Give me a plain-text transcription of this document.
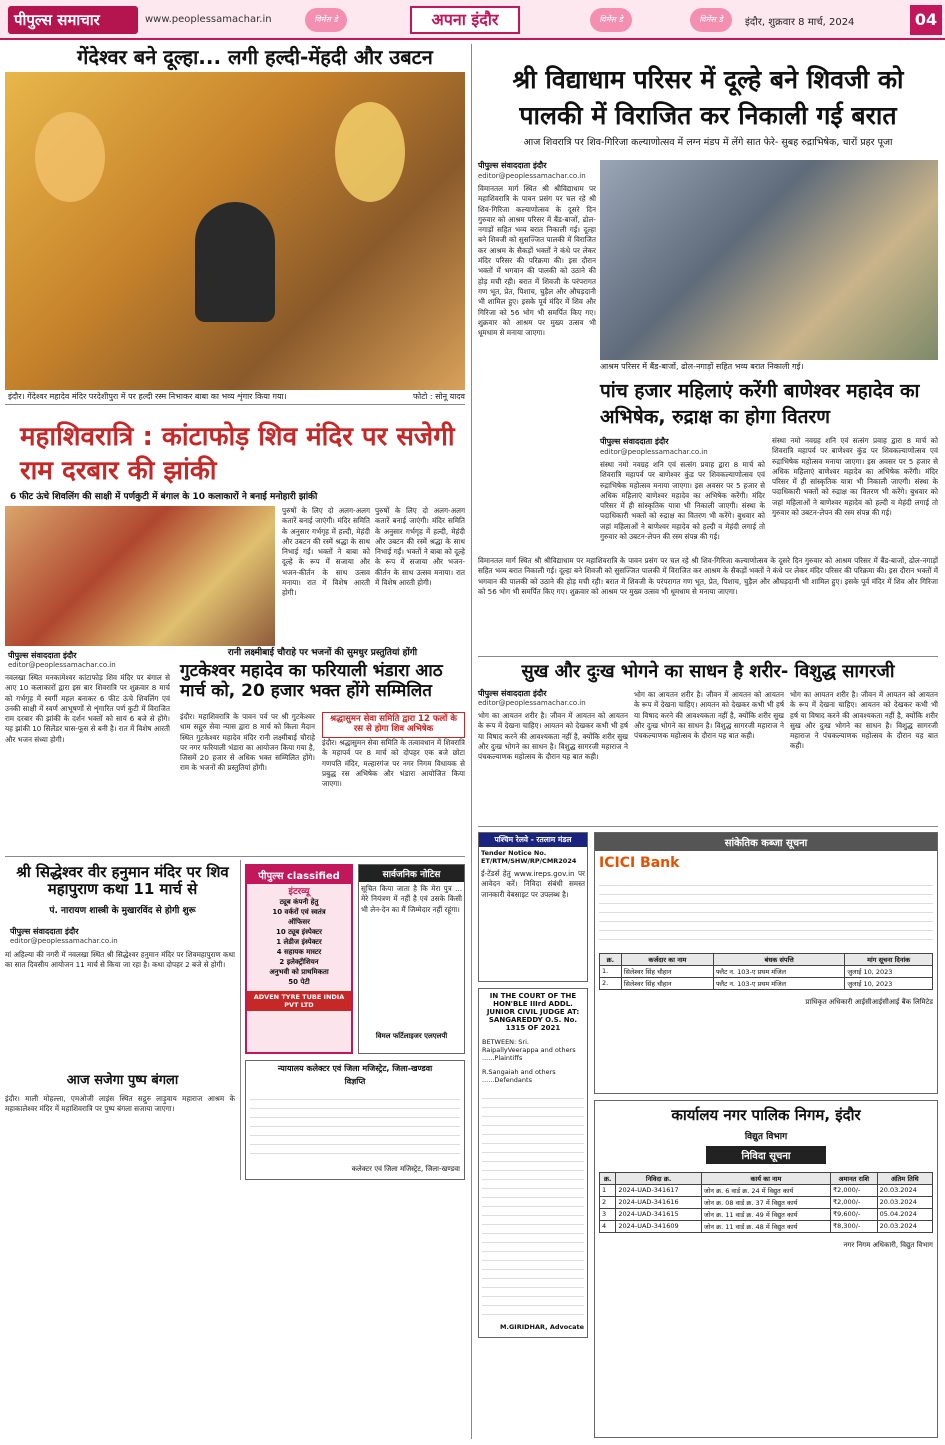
पीपुल्स समाचार	www.peoplessamachar.in	विमेंस डे	अपना इंदौर	विमेंस डे	विमेंस डे	इंदौर, शुक्रवार 8 मार्च, 2024	04
गेंदेश्वर बने दूल्हा... लगी हल्दी-मेंहदी और उबटन
इंदौर। गेंदेश्वर महादेव मंदिर परदेशीपुरा में पर हल्दी रस्म निभाकर बाबा का भव्य शृंगार किया गया।	फोटो : सोनू यादव
महाशिवरात्रि : कांटाफोड़ शिव मंदिर पर सजेगी राम दरबार की झांकी
6 फीट ऊंचे शिवलिंग की साक्षी में पर्णकुटी में बंगाल के 10 कलाकारों ने बनाई मनोहारी झांकी
पुरुषों के लिए दो अलग-अलग कतारें बनाई जाएंगी। मंदिर समिति के अनुसार गर्भगृह में हल्दी, मेहंदी और उबटन की रस्में श्रद्धा के साथ निभाई गईं। भक्तों ने बाबा को दूल्हे के रूप में सजाया और भजन-कीर्तन के साथ उत्सव मनाया। रात में विशेष आरती होगी।
पुरुषों के लिए दो अलग-अलग कतारें बनाई जाएंगी। मंदिर समिति के अनुसार गर्भगृह में हल्दी, मेहंदी और उबटन की रस्में श्रद्धा के साथ निभाई गईं। भक्तों ने बाबा को दूल्हे के रूप में सजाया और भजन-कीर्तन के साथ उत्सव मनाया। रात में विशेष आरती होगी।
पीपुल्स संवाददाता इंदौर
editor@peoplessamachar.co.in
नवलखा स्थित मनकामेश्वर कांटाफोड़ शिव मंदिर पर बंगाल से आए 10 कलाकारों द्वारा इस बार शिवरात्रि पर शुक्रवार 8 मार्च को गर्भगृह में स्वर्गी महल बनाकर 6 फीट ऊंचे शिवलिंग एवं उनकी साक्षी में स्वर्ण आभूषणों से शृंगारित पर्ण कुटी में विराजित राम दरबार की झांकी के दर्शन भक्तों को सायं 6 बजे से होंगे। यह झांकी 10 सिलेंडर घास-फूस से बनी है। रात में विशेष आरती और भजन संध्या होगी।
रानी लक्ष्मीबाई चौराहे पर भजनों की सुमधुर प्रस्तुतियां होंगी
गुटकेश्वर महादेव का फरियाली भंडारा आठ मार्च को, 20 हजार भक्त होंगे सम्मिलित
इंदौर। महाशिवरात्रि के पावन पर्व पर श्री गुटकेश्वर धाम सद्गुरु सेवा न्यास द्वारा 8 मार्च को किला मैदान स्थित गुटकेश्वर महादेव मंदिर रानी लक्ष्मीबाई चौराहे पर नगर फरियाली भंडारा का आयोजन किया गया है, जिसमें 20 हजार से अधिक भक्त सम्मिलित होंगे। राम के भजनों की प्रस्तुतियां होंगी।
श्रद्धासुमन सेवा समिति द्वारा 12 फलों के रस से होगा शिव अभिषेक
इंदौर। श्रद्धासुमन सेवा समिति के तत्वावधान में शिवरात्रि के महापर्व पर 8 मार्च को दोपहर एक बजे छोटा गणपति मंदिर, मल्हारगंज पर नगर निगम विधायक से प्रबुद्ध रस अभिषेक और भंडारा आयोजित किया जाएगा।
श्री सिद्धेश्वर वीर हनुमान मंदिर पर शिव महापुराण कथा 11 मार्च से
पं. नारायण शास्त्री के मुखारविंद से होगी शुरू
पीपुल्स संवाददाता इंदौर
editor@peoplessamachar.co.in
मां अहिल्या की नगरी में नवलखा स्थित श्री सिद्धेश्वर हनुमान मंदिर पर शिवमहापुराण कथा का सात दिवसीय आयोजन 11 मार्च से किया जा रहा है। कथा दोपहर 2 बजे से होगी।
आज सजेगा पुष्प बंगला
इंदौर। माली मोहल्ला, एमओजी लाइंस स्थित सद्गुरु लाड़ुवाय महाराज आश्रम के महाकालेश्वर मंदिर में महाशिवरात्रि पर पुष्प बंगला सजाया जाएगा।
पीपुल्स classified
इंटरव्यू
ट्यूब कंपनी हेतु
10 वर्करों एवं स्वतंत्र
ऑफिसर
10 ट्यूब इंस्पेक्टर
1 लेडीज इंस्पेक्टर
4 सहायक मास्टर
2 इलेक्ट्रीशियन
अनुभवी को प्राथमिकता
50 पेटी
ADVEN TYRE TUBE INDIA PVT LTD
सार्वजनिक नोटिस
सूचित किया जाता है कि मेरा पुत्र ... मेरे नियंत्रण में नहीं है एवं उसके किसी भी लेन-देन का मैं जिम्मेदार नहीं रहूंगा।
विमल फर्टिलाइजर एलएलपी
न्यायालय कलेक्टर एवं जिला मजिस्ट्रेट, जिला-खण्डवा
विज्ञप्ति
कलेक्टर एवं जिला मजिस्ट्रेट, जिला-खण्डवा
श्री विद्याधाम परिसर में दूल्हे बने शिवजी को पालकी में विराजित कर निकाली गई बरात
आज शिवरात्रि पर शिव-गिरिजा कल्याणोत्सव में लग्न मंडप में लेंगे सात फेरे- सुबह रुद्राभिषेक, चारों प्रहर पूजा
पीपुल्स संवाददाता इंदौर
editor@peoplessamachar.co.in
विमानतल मार्ग स्थित श्री श्रीविद्याधाम पर महाशिवरात्रि के पावन प्रसंग पर चल रहे श्री शिव-गिरिजा कल्याणोत्सव के दूसरे दिन गुरुवार को आश्रम परिसर में बैंड-बाजों, ढोल-नगाड़ों सहित भव्य बरात निकाली गई। दूल्हा बने शिवजी को सुसज्जित पालकी में विराजित कर आश्रम के सैकड़ों भक्तों ने कंधे पर लेकर मंदिर परिसर की परिक्रमा की। इस दौरान भक्तों में भगवान की पालकी को उठाने की होड़ मची रही। बरात में शिवजी के परंपरागत गण भूत, प्रेत, पिशाच, चुड़ैल और औघड़दानी भी शामिल हुए। इसके पूर्व मंदिर में शिव और गिरिजा को 56 भोग भी समर्पित किए गए। शुक्रवार को आश्रम पर मुख्य उत्सव भी धूमधाम से मनाया जाएगा।
आश्रम परिसर में बैंड-बाजों, ढोल-नगाड़ों सहित भव्य बरात निकाली गई।
पांच हजार महिलाएं करेंगी बाणेश्वर महादेव का अभिषेक, रुद्राक्ष का होगा वितरण
पीपुल्स संवाददाता इंदौर
editor@peoplessamachar.co.in
संस्था नमो नवग्रह शनि एवं सत्संग प्रवाह द्वारा 8 मार्च को शिवरात्रि महापर्व पर बाणेश्वर कुंड पर शिवकल्याणोत्सव एवं रुद्राभिषेक महोत्सव मनाया जाएगा। इस अवसर पर 5 हजार से अधिक महिलाएं बाणेश्वर महादेव का अभिषेक करेंगी। मंदिर परिसर में ही सांस्कृतिक यात्रा भी निकाली जाएगी। संस्था के पदाधिकारी भक्तों को रुद्राक्ष का वितरण भी करेंगे। बुधवार को जहां महिलाओं ने बाणेश्वर महादेव को हल्दी व मेहंदी लगाई तो गुरुवार को उबटन-लेपन की रस्म संपन्न की गई।
संस्था नमो नवग्रह शनि एवं सत्संग प्रवाह द्वारा 8 मार्च को शिवरात्रि महापर्व पर बाणेश्वर कुंड पर शिवकल्याणोत्सव एवं रुद्राभिषेक महोत्सव मनाया जाएगा। इस अवसर पर 5 हजार से अधिक महिलाएं बाणेश्वर महादेव का अभिषेक करेंगी। मंदिर परिसर में ही सांस्कृतिक यात्रा भी निकाली जाएगी। संस्था के पदाधिकारी भक्तों को रुद्राक्ष का वितरण भी करेंगे। बुधवार को जहां महिलाओं ने बाणेश्वर महादेव को हल्दी व मेहंदी लगाई तो गुरुवार को उबटन-लेपन की रस्म संपन्न की गई।
विमानतल मार्ग स्थित श्री श्रीविद्याधाम पर महाशिवरात्रि के पावन प्रसंग पर चल रहे श्री शिव-गिरिजा कल्याणोत्सव के दूसरे दिन गुरुवार को आश्रम परिसर में बैंड-बाजों, ढोल-नगाड़ों सहित भव्य बरात निकाली गई। दूल्हा बने शिवजी को सुसज्जित पालकी में विराजित कर आश्रम के सैकड़ों भक्तों ने कंधे पर लेकर मंदिर परिसर की परिक्रमा की। इस दौरान भक्तों में भगवान की पालकी को उठाने की होड़ मची रही। बरात में शिवजी के परंपरागत गण भूत, प्रेत, पिशाच, चुड़ैल और औघड़दानी भी शामिल हुए। इसके पूर्व मंदिर में शिव और गिरिजा को 56 भोग भी समर्पित किए गए। शुक्रवार को आश्रम पर मुख्य उत्सव भी धूमधाम से मनाया जाएगा।
सुख और दुःख भोगने का साधन है शरीर- विशुद्ध सागरजी
पीपुल्स संवाददाता इंदौर
editor@peoplessamachar.co.in
भोग का आयतन शरीर है। जीवन में आयतन को आयतन के रूप में देखना चाहिए। आयतन को देखकर कभी भी हर्ष या विषाद करने की आवश्यकता नहीं है, क्योंकि शरीर सुख और दुःख भोगने का साधन है। विशुद्ध सागरजी महाराज ने पंचकल्याणक महोत्सव के दौरान यह बात कही।
भोग का आयतन शरीर है। जीवन में आयतन को आयतन के रूप में देखना चाहिए। आयतन को देखकर कभी भी हर्ष या विषाद करने की आवश्यकता नहीं है, क्योंकि शरीर सुख और दुःख भोगने का साधन है। विशुद्ध सागरजी महाराज ने पंचकल्याणक महोत्सव के दौरान यह बात कही।
भोग का आयतन शरीर है। जीवन में आयतन को आयतन के रूप में देखना चाहिए। आयतन को देखकर कभी भी हर्ष या विषाद करने की आवश्यकता नहीं है, क्योंकि शरीर सुख और दुःख भोगने का साधन है। विशुद्ध सागरजी महाराज ने पंचकल्याणक महोत्सव के दौरान यह बात कही।
पश्चिम रेलवे - रतलाम मंडल
Tender Notice No. ET/RTM/SHW/RP/CMR2024
ई-टेंडर्स हेतु www.ireps.gov.in पर आवेदन करें। निविदा संबंधी समस्त जानकारी वेबसाइट पर उपलब्ध है।
IN THE COURT OF THE HON'BLE IIIrd ADDL. JUNIOR CIVIL JUDGE AT: SANGAREDDY O.S. No. 1315 OF 2021
BETWEEN: Sri. RaipallyVeerappa and others ......Plaintiffs
R.Sangaiah and others ......Defendants
M.GIRIDHAR, Advocate
सांकेतिक कब्जा सूचना
ICICI Bank
क्र.	कर्जदार का नाम	बंधक संपत्ति	मांग सूचना दिनांक
1.	सिलेश्वर सिंह चौहान	फ्लैट न. 103-ए प्रथम मंजिल	जुलाई 10, 2023
2.	सिलेश्वर सिंह चौहान	फ्लैट न. 103-ए प्रथम मंजिल	जुलाई 10, 2023
प्राधिकृत अधिकारी आईसीआईसीआई बैंक लिमिटेड
कार्यालय नगर पालिक निगम, इंदौर
विद्युत विभाग
निविदा सूचना
क्र.	निविदा क्र.	कार्य का नाम	अमानत राशि	अंतिम तिथि
1	2024-UAD-341617	जोन क्र. 6 वार्ड क्र. 24 में विद्युत कार्य	₹2,000/-	20.03.2024
2	2024-UAD-341616	जोन क्र. 08 वार्ड क्र. 37 में विद्युत कार्य	₹2,000/-	20.03.2024
3	2024-UAD-341615	जोन क्र. 11 वार्ड क्र. 49 में विद्युत कार्य	₹9,600/-	05.04.2024
4	2024-UAD-341609	जोन क्र. 11 वार्ड क्र. 48 में विद्युत कार्य	₹8,300/-	20.03.2024
नगर निगम अधिकारी, विद्युत विभाग
